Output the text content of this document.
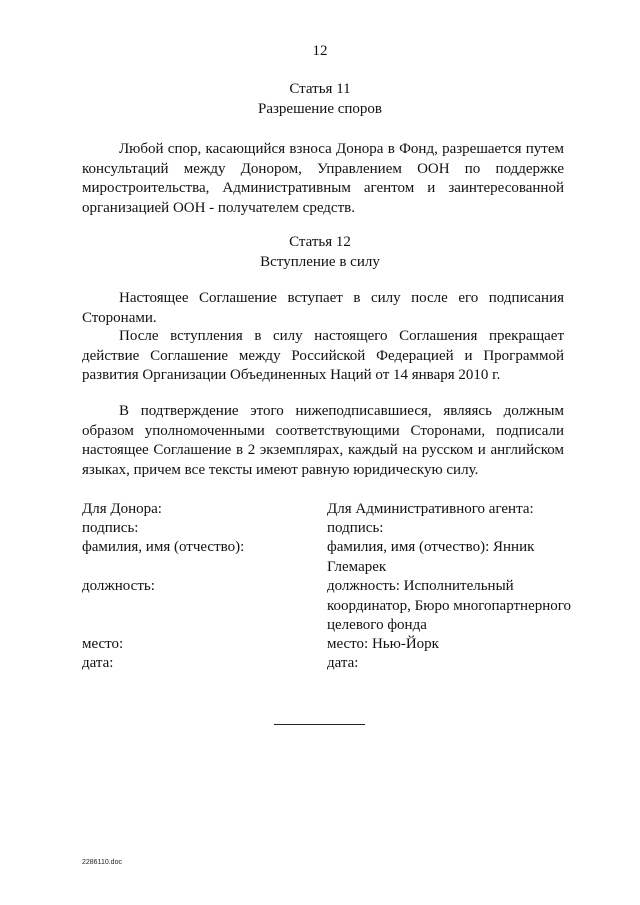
12
Статья 11
Разрешение споров
Любой спор, касающийся взноса Донора в Фонд, разрешается путем консультаций между Донором, Управлением ООН по поддержке миростроительства, Административным агентом и заинтересованной организацией ООН - получателем средств.
Статья 12
Вступление в силу
Настоящее Соглашение вступает в силу после его подписания Сторонами.
После вступления в силу настоящего Соглашения прекращает действие Соглашение между Российской Федерацией и Программой развития Организации Объединенных Наций от 14 января 2010 г.
В подтверждение этого нижеподписавшиеся, являясь должным образом уполномоченными соответствующими Сторонами, подписали настоящее Соглашение в 2 экземплярах, каждый на русском и английском языках, причем все тексты имеют равную юридическую силу.
Для Донора:
подпись:
фамилия, имя (отчество):
должность:
место:
дата:
Для Административного агента:
подпись:
фамилия, имя (отчество): Янник Глемарек
должность: Исполнительный координатор, Бюро многопартнерного целевого фонда
место: Нью-Йорк
дата:
2286110.doc
